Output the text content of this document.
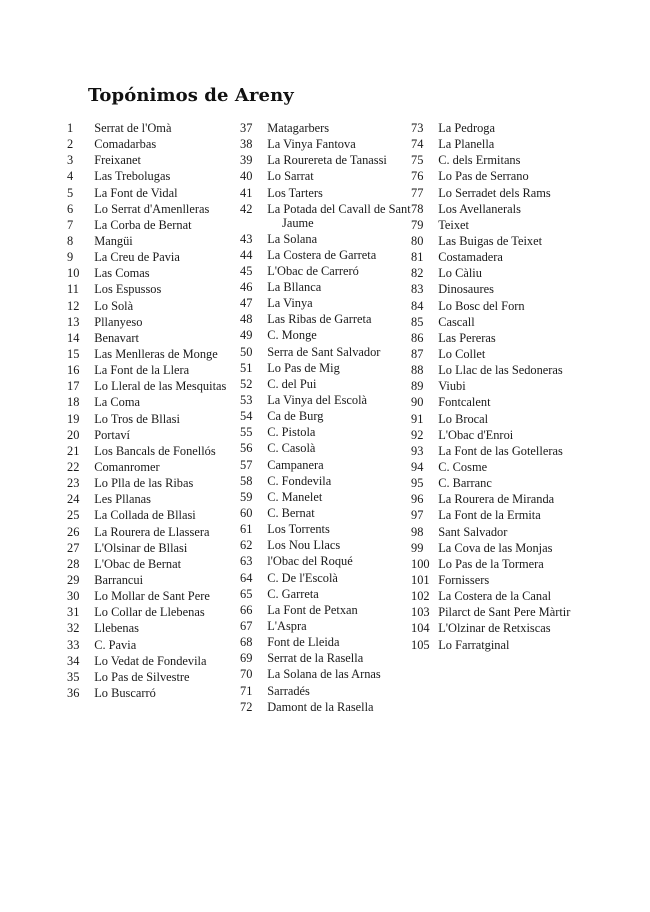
Topónimos de Areny
1 Serrat de l'Omà
2 Comadarbas
3 Freixanet
4 Las Trebolugas
5 La Font de Vidal
6 Lo Serrat d'Amenlleras
7 La Corba de Bernat
8 Mangüi
9 La Creu de Pavia
10 Las Comas
11 Los Espussos
12 Lo Solà
13 Pllanyeso
14 Benavart
15 Las Menlleras de Monge
16 La Font de la Llera
17 Lo Lleral de las Mesquitas
18 La Coma
19 Lo Tros de Bllasi
20 Portaví
21 Los Bancals de Fonellós
22 Comanromer
23 Lo Plla de las Ribas
24 Les Pllanas
25 La Collada de Bllasi
26 La Rourera de Llassera
27 L'Olsinar de Bllasi
28 L'Obac de Bernat
29 Barrancui
30 Lo Mollar de Sant Pere
31 Lo Collar de Llebenas
32 Llebenas
33 C. Pavia
34 Lo Vedat de Fondevila
35 Lo Pas de Silvestre
36 Lo Buscarró
37 Matagarbers
38 La Vinya Fantova
39 La Rourereta de Tanassi
40 Lo Sarrat
41 Los Tarters
42 La Potada del Cavall de Sant Jaume
43 La Solana
44 La Costera de Garreta
45 L'Obac de Carreró
46 La Bllanca
47 La Vinya
48 Las Ribas de Garreta
49 C. Monge
50 Serra de Sant Salvador
51 Lo Pas de Mig
52 C. del Pui
53 La Vinya del Escolà
54 Ca de Burg
55 C. Pistola
56 C. Casolà
57 Campanera
58 C. Fondevila
59 C. Manelet
60 C. Bernat
61 Los Torrents
62 Los Nou Llacs
63 l'Obac del Roqué
64 C. De l'Escolà
65 C. Garreta
66 La Font de Petxan
67 L'Aspra
68 Font de Lleida
69 Serrat de la Rasella
70 La Solana de las Arnas
71 Sarradés
72 Damont de la Rasella
73 La Pedroga
74 La Planella
75 C. dels Ermitans
76 Lo Pas de Serrano
77 Lo Serradet dels Rams
78 Los Avellanerals
79 Teixet
80 Las Buigas de Teixet
81 Costamadera
82 Lo Càliu
83 Dinosaures
84 Lo Bosc del Forn
85 Cascall
86 Las Pereras
87 Lo Collet
88 Lo Llac de las Sedoneras
89 Viubi
90 Fontcalent
91 Lo Brocal
92 L'Obac d'Enroi
93 La Font de las Gotelleras
94 C. Cosme
95 C. Barranc
96 La Rourera de Miranda
97 La Font de la Ermita
98 Sant Salvador
99 La Cova de las Monjas
100 Lo Pas de la Tormera
101 Fornissers
102 La Costera de la Canal
103 Pilarct de Sant Pere Màrtir
104 L'Olzinar de Retxiscas
105 Lo Farratginal
